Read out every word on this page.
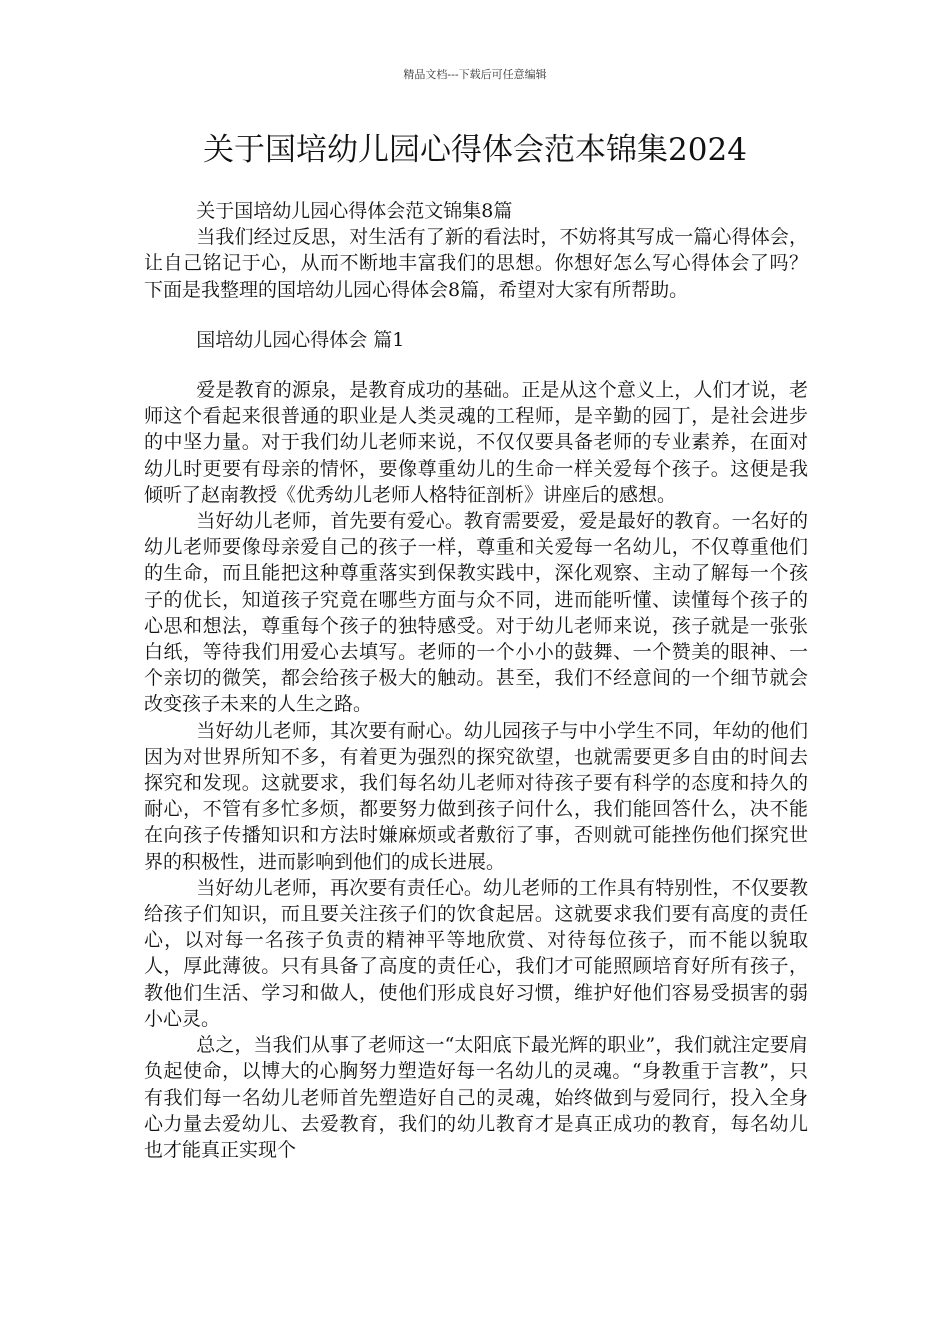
精品文档---下载后可任意编辑
关于国培幼儿园心得体会范本锦集2024

关于国培幼儿园心得体会范文锦集8篇

当我们经过反思，对生活有了新的看法时，不妨将其写成一篇心得体会，让自己铭记于心，从而不断地丰富我们的思想。你想好怎么写心得体会了吗？下面是我整理的国培幼儿园心得体会8篇，希望对大家有所帮助。

国培幼儿园心得体会 篇1

爱是教育的源泉，是教育成功的基础。正是从这个意义上，人们才说，老师这个看起来很普通的职业是人类灵魂的工程师，是辛勤的园丁，是社会进步的中坚力量。对于我们幼儿老师来说，不仅仅要具备老师的专业素养，在面对幼儿时更要有母亲的情怀，要像尊重幼儿的生命一样关爱每个孩子。这便是我倾听了赵南教授《优秀幼儿老师人格特征剖析》讲座后的感想。

当好幼儿老师，首先要有爱心。教育需要爱，爱是最好的教育。一名好的幼儿老师要像母亲爱自己的孩子一样，尊重和关爱每一名幼儿，不仅尊重他们的生命，而且能把这种尊重落实到保教实践中，深化观察、主动了解每一个孩子的优长，知道孩子究竟在哪些方面与众不同，进而能听懂、读懂每个孩子的心思和想法，尊重每个孩子的独特感受。对于幼儿老师来说，孩子就是一张张白纸，等待我们用爱心去填写。老师的一个小小的鼓舞、一个赞美的眼神、一个亲切的微笑，都会给孩子极大的触动。甚至，我们不经意间的一个细节就会改变孩子未来的人生之路。

当好幼儿老师，其次要有耐心。幼儿园孩子与中小学生不同，年幼的他们因为对世界所知不多，有着更为强烈的探究欲望，也就需要更多自由的时间去探究和发现。这就要求，我们每名幼儿老师对待孩子要有科学的态度和持久的耐心，不管有多忙多烦，都要努力做到孩子问什么，我们能回答什么，决不能在向孩子传播知识和方法时嫌麻烦或者敷衍了事，否则就可能挫伤他们探究世界的积极性，进而影响到他们的成长进展。

当好幼儿老师，再次要有责任心。幼儿老师的工作具有特别性，不仅要教给孩子们知识，而且要关注孩子们的饮食起居。这就要求我们要有高度的责任心，以对每一名孩子负责的精神平等地欣赏、对待每位孩子，而不能以貌取人，厚此薄彼。只有具备了高度的责任心，我们才可能照顾培育好所有孩子，教他们生活、学习和做人，使他们形成良好习惯，维护好他们容易受损害的弱小心灵。

总之，当我们从事了老师这一“太阳底下最光辉的职业”，我们就注定要肩负起使命，以博大的心胸努力塑造好每一名幼儿的灵魂。“身教重于言教”，只有我们每一名幼儿老师首先塑造好自己的灵魂，始终做到与爱同行，投入全身心力量去爱幼儿、去爱教育，我们的幼儿教育才是真正成功的教育，每名幼儿也才能真正实现个
